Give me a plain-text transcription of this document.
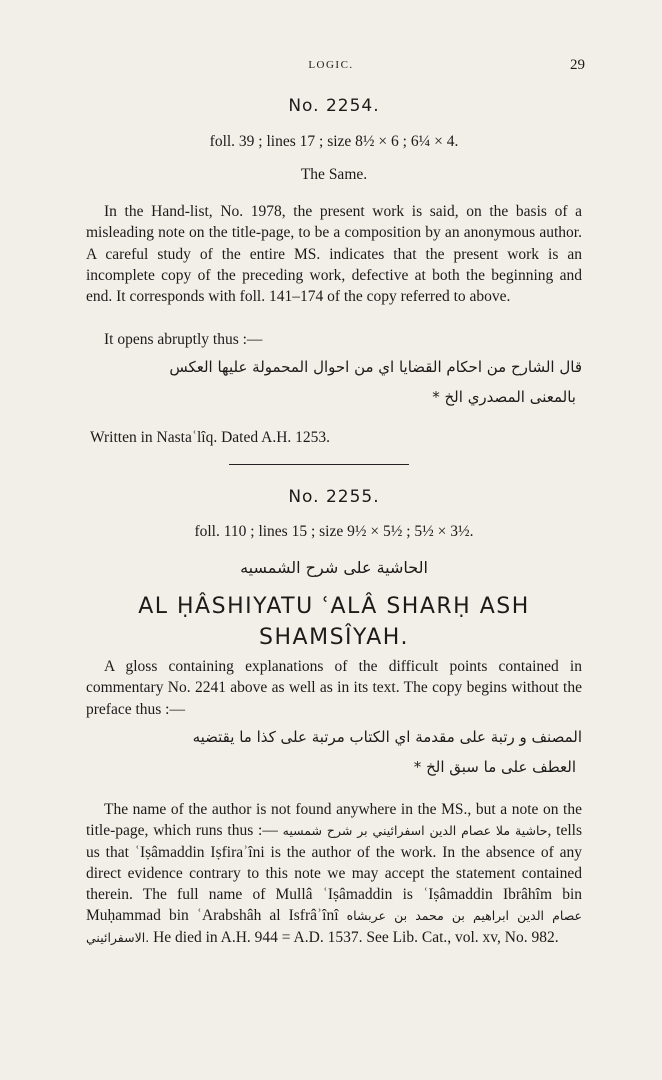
LOGIC.	29
No. 2254.
foll. 39 ; lines 17 ; size 8½ × 6 ; 6¼ × 4.
The Same.
In the Hand-list, No. 1978, the present work is said, on the basis of a misleading note on the title-page, to be a composition by an anonymous author. A careful study of the entire MS. indicates that the present work is an incomplete copy of the preceding work, defective at both the beginning and end. It corresponds with foll. 141–174 of the copy referred to above.
It opens abruptly thus :—
قال الشارح من احكام القضايا اي من احوال المحمولة عليها العكس
بالمعنى المصدري الخ *
Written in Nastaʿlîq. Dated A.H. 1253.
No. 2255.
foll. 110 ; lines 15 ; size 9½ × 5½ ; 5½ × 3½.
الحاشية على شرح الشمسيه
AL ḤÂSHIYATU ʿALÂ SHARḤ ASH
SHAMSÎYAH.
A gloss containing explanations of the difficult points contained in commentary No. 2241 above as well as in its text. The copy begins without the preface thus :—
المصنف و رتبة على مقدمة اي الكتاب مرتبة على كذا ما يقتضيه
العطف على ما سبق الخ *
The name of the author is not found anywhere in the MS., but a note on the title-page, which runs thus :—	حاشية ملا عصام الدين اسفرائيني بر شرح شمسيه	, tells us that ʿIṣâmaddin Iṣfiraʾîni is the author of the work. In the absence of any direct evidence contrary to this note we may accept the statement contained therein. The full name of Mullâ ʿIṣâmaddin is ʿIṣâmaddin Ibrâhîm bin Muḥammad bin ʿArabshâh al Isfrâʾînî عصام الدين ابراهيم بن محمد بن عربشاه الاسفرائيني. He died in A.H. 944 = A.D. 1537. See Lib. Cat., vol. xv, No. 982.
